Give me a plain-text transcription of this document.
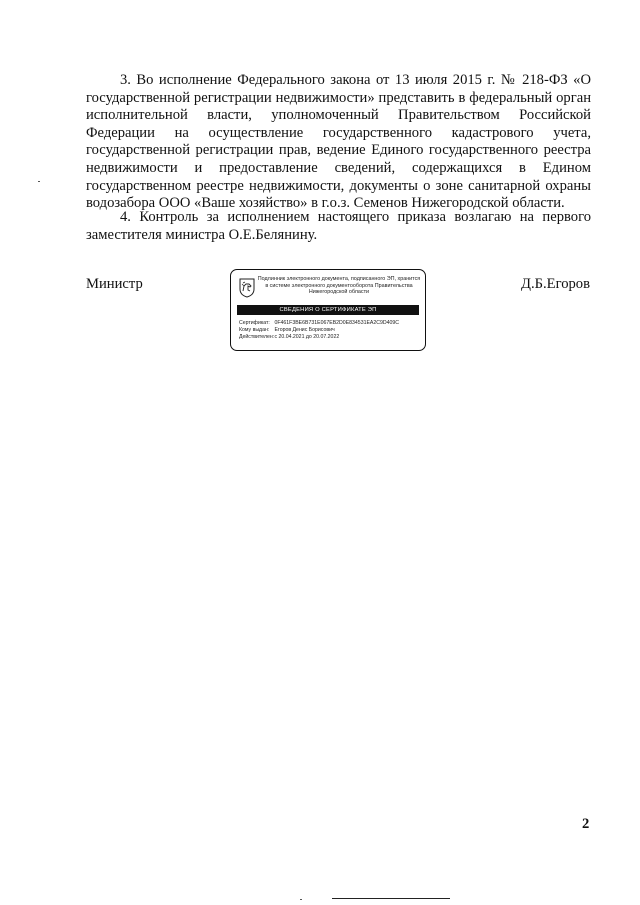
3. Во исполнение Федерального закона от 13 июля 2015 г. № 218-ФЗ «О государственной регистрации недвижимости» представить в федеральный орган исполнительной власти, уполномоченный Правительством Российской Федерации на осуществление государственного кадастрового учета, государственной регистрации прав, ведение Единого государственного реестра недвижимости и предоставление сведений, содержащихся в Едином государственном реестре недвижимости, документы о зоне санитарной охраны водозабора ООО «Ваше хозяйство» в г.о.з. Семенов Нижегородской области.

4. Контроль за исполнением настоящего приказа возлагаю на первого заместителя министра О.Е.Белянину.

Министр	Подлинник электронного документа, подписанного ЭП, хранится в системе электронного документооборота Правительства Нижегородской области
СВЕДЕНИЯ О СЕРТИФИКАТЕ ЭП
Сертификат: 0F461F3BE6B731E067EB2D0E834531EA2C9D409C
Кому выдан: Егоров Денис Борисович
Действителен: с 20.04.2021 до 20.07.2022
Д.Б.Егоров
2
